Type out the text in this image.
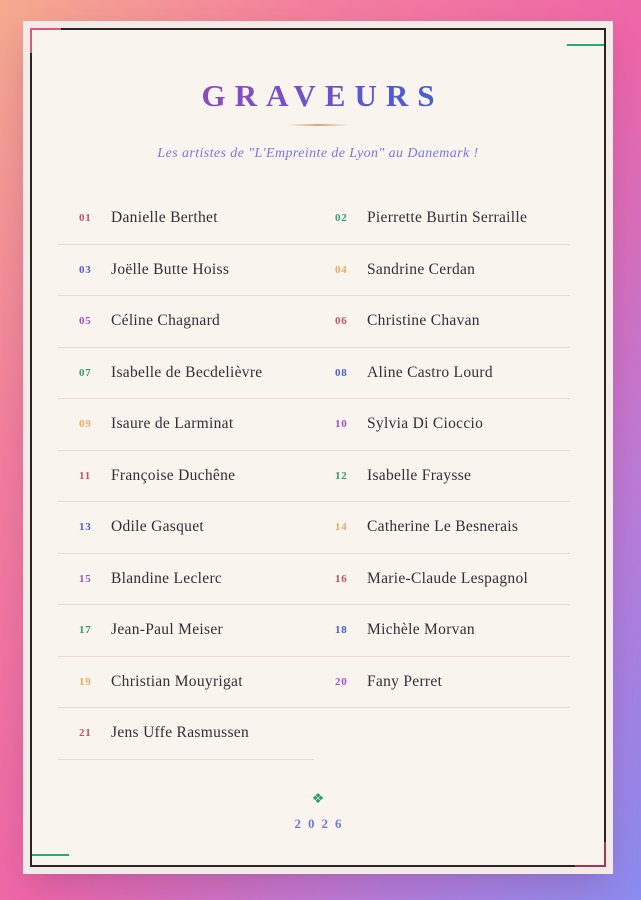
GRAVEURS

Les artistes de "L'Empreinte de Lyon" au Danemark !

01	Danielle Berthet	02	Pierrette Burtin Serraille
03	Joëlle Butte Hoiss	04	Sandrine Cerdan
05	Céline Chagnard	06	Christine Chavan
07	Isabelle de Becdelièvre	08	Aline Castro Lourd
09	Isaure de Larminat	10	Sylvia Di Cioccio
11	Françoise Duchêne	12	Isabelle Fraysse
13	Odile Gasquet	14	Catherine Le Besnerais
15	Blandine Leclerc	16	Marie-Claude Lespagnol
17	Jean-Paul Meiser	18	Michèle Morvan
19	Christian Mouyrigat	20	Fany Perret
21	Jens Uffe Rasmussen
❖
2026
